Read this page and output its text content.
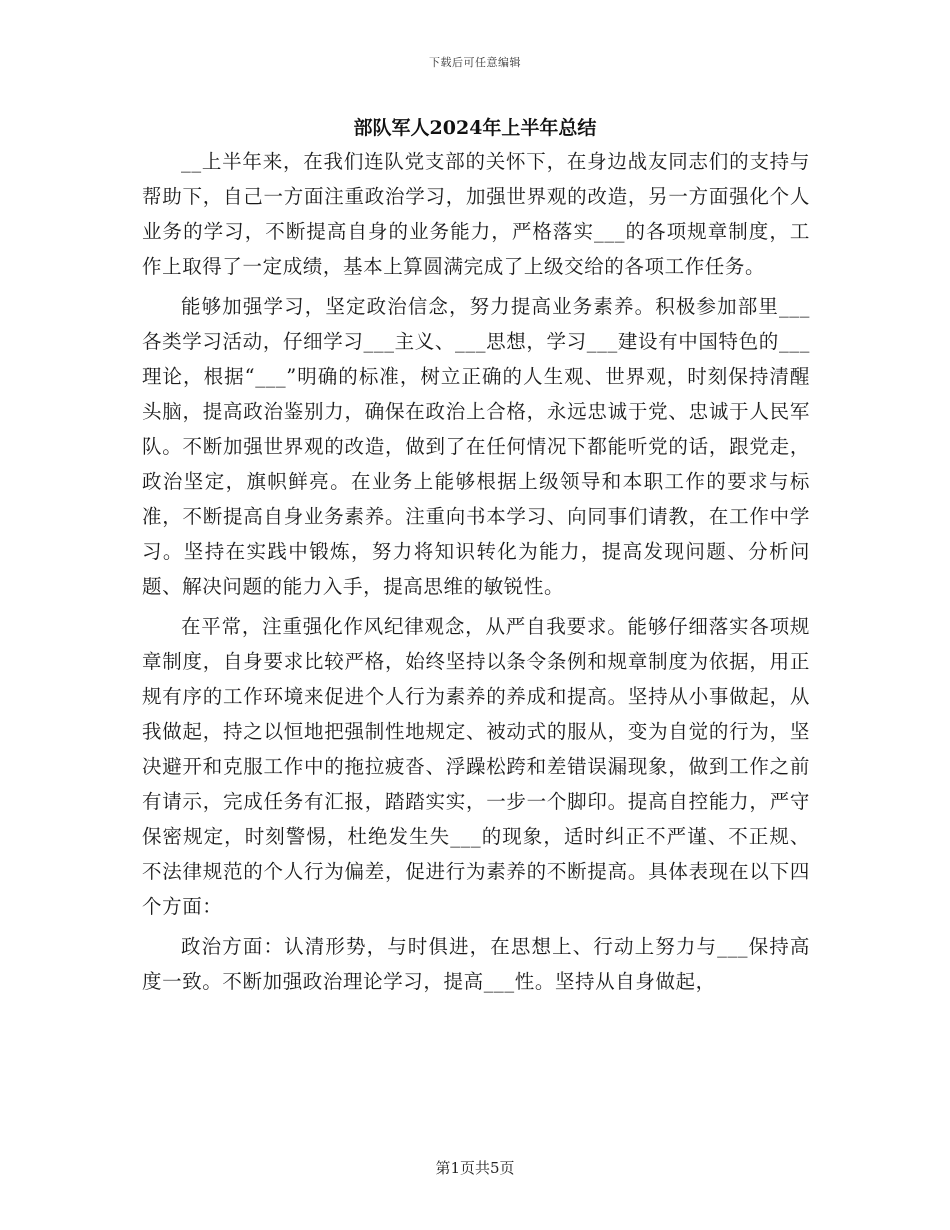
下载后可任意编辑
部队军人2024年上半年总结

__上半年来，在我们连队党支部的关怀下，在身边战友同志们的支持与帮助下，自己一方面注重政治学习，加强世界观的改造，另一方面强化个人业务的学习，不断提高自身的业务能力，严格落实___的各项规章制度，工作上取得了一定成绩，基本上算圆满完成了上级交给的各项工作任务。

能够加强学习，坚定政治信念，努力提高业务素养。积极参加部里___各类学习活动，仔细学习___主义、___思想，学习___建设有中国特色的___理论，根据“___”明确的标准，树立正确的人生观、世界观，时刻保持清醒头脑，提高政治鉴别力，确保在政治上合格，永远忠诚于党、忠诚于人民军队。不断加强世界观的改造，做到了在任何情况下都能听党的话，跟党走，政治坚定，旗帜鲜亮。在业务上能够根据上级领导和本职工作的要求与标准，不断提高自身业务素养。注重向书本学习、向同事们请教，在工作中学习。坚持在实践中锻炼，努力将知识转化为能力，提高发现问题、分析问题、解决问题的能力入手，提高思维的敏锐性。

在平常，注重强化作风纪律观念，从严自我要求。能够仔细落实各项规章制度，自身要求比较严格，始终坚持以条令条例和规章制度为依据，用正规有序的工作环境来促进个人行为素养的养成和提高。坚持从小事做起，从我做起，持之以恒地把强制性地规定、被动式的服从，变为自觉的行为，坚决避开和克服工作中的拖拉疲沓、浮躁松跨和差错误漏现象，做到工作之前有请示，完成任务有汇报，踏踏实实，一步一个脚印。提高自控能力，严守保密规定，时刻警惕，杜绝发生失___的现象，适时纠正不严谨、不正规、不法律规范的个人行为偏差，促进行为素养的不断提高。具体表现在以下四个方面：

政治方面：认清形势，与时俱进，在思想上、行动上努力与___保持高度一致。不断加强政治理论学习，提高___性。坚持从自身做起，

第1页共5页
